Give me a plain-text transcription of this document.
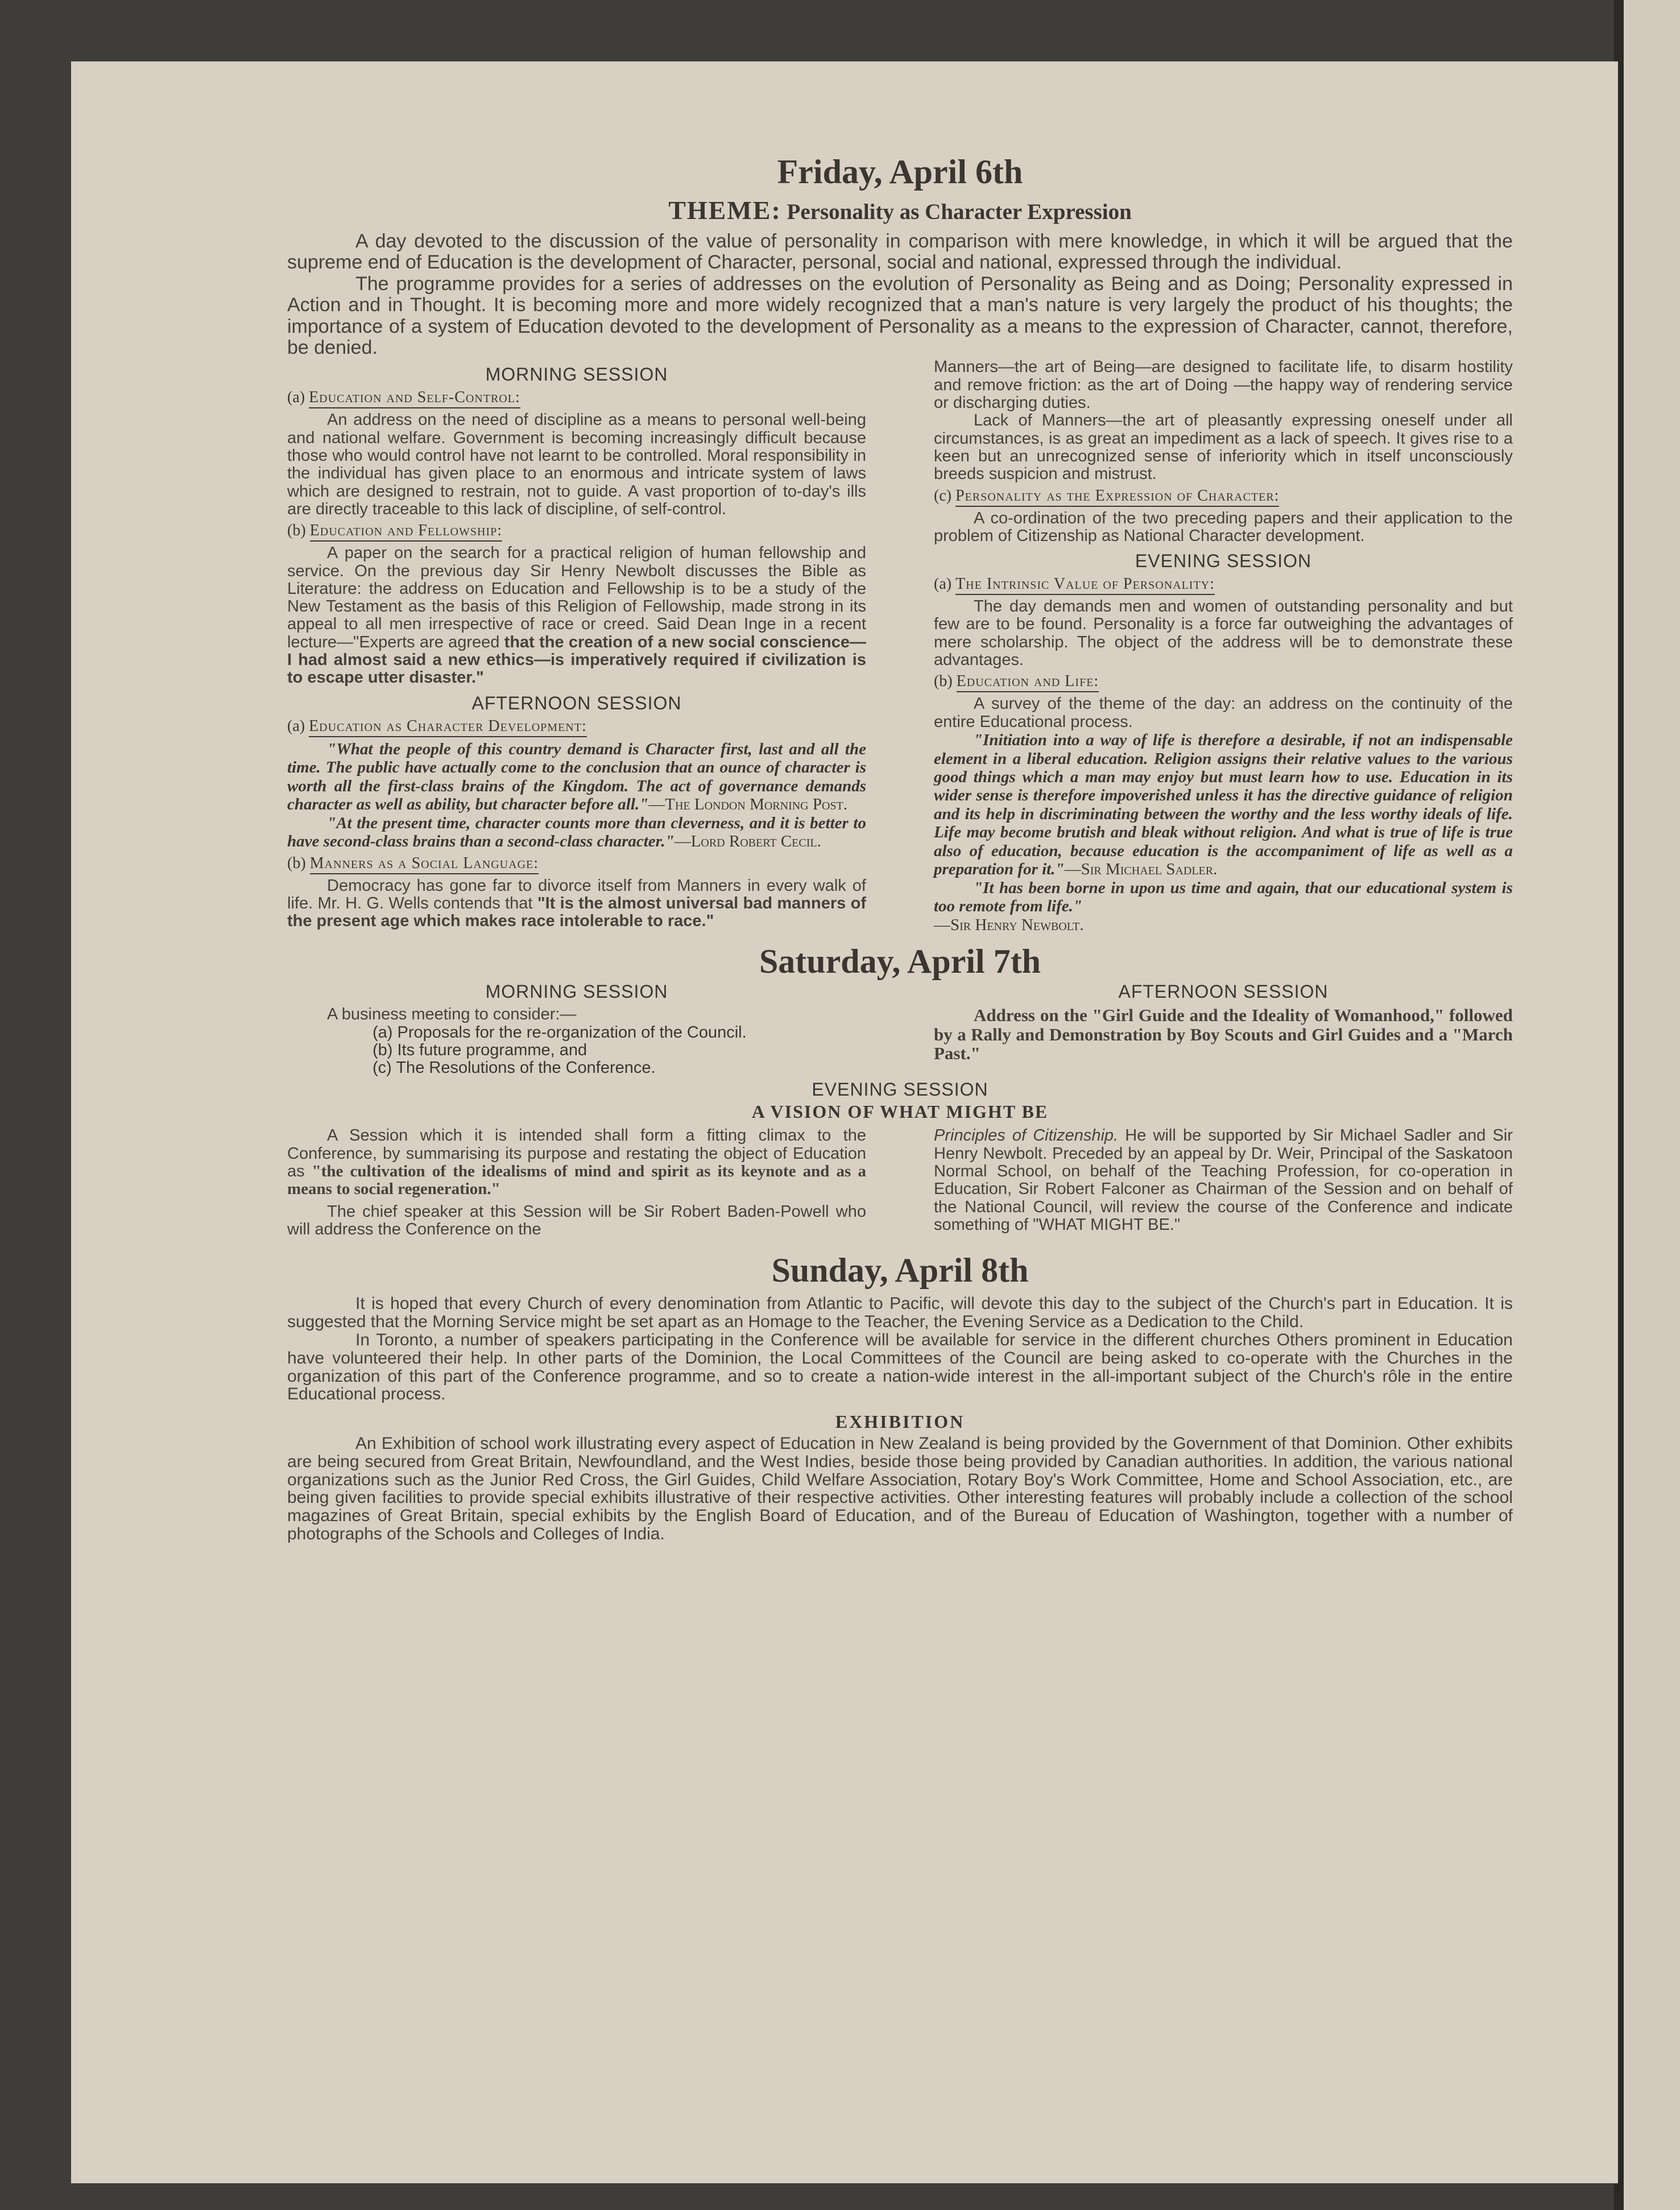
Friday, April 6th
THEME: Personality as Character Expression

A day devoted to the discussion of the value of personality in comparison with mere knowledge, in which it will be argued that the supreme end of Education is the development of Character, personal, social and national, expressed through the individual.

The programme provides for a series of addresses on the evolution of Personality as Being and as Doing; Personality expressed in Action and in Thought. It is becoming more and more widely recognized that a man's nature is very largely the product of his thoughts; the importance of a system of Education devoted to the development of Personality as a means to the expression of Character, cannot, therefore, be denied.

MORNING SESSION
(a) Education and Self-Control:

An address on the need of discipline as a means to personal well-being and national welfare. Government is becoming increasingly difficult because those who would control have not learnt to be controlled. Moral responsibility in the individual has given place to an enormous and intricate system of laws which are designed to restrain, not to guide. A vast proportion of to-day's ills are directly traceable to this lack of discipline, of self-control.

(b) Education and Fellowship:

A paper on the search for a practical religion of human fellowship and service. On the previous day Sir Henry Newbolt discusses the Bible as Literature: the address on Education and Fellowship is to be a study of the New Testament as the basis of this Religion of Fellowship, made strong in its appeal to all men irrespective of race or creed. Said Dean Inge in a recent lecture—"Experts are agreed that the creation of a new social conscience—I had almost said a new ethics—is imperatively required if civilization is to escape utter disaster."

AFTERNOON SESSION
(a) Education as Character Development:

"What the people of this country demand is Character first, last and all the time. The public have actually come to the conclusion that an ounce of character is worth all the first-class brains of the Kingdom. The act of governance demands character as well as ability, but character before all."—The London Morning Post.

"At the present time, character counts more than cleverness, and it is better to have second-class brains than a second-class character."—Lord Robert Cecil.

(b) Manners as a Social Language:

Democracy has gone far to divorce itself from Manners in every walk of life. Mr. H. G. Wells contends that "It is the almost universal bad manners of the present age which makes race intolerable to race."

Manners—the art of Being—are designed to facilitate life, to disarm hostility and remove friction: as the art of Doing —the happy way of rendering service or discharging duties.

Lack of Manners—the art of pleasantly expressing oneself under all circumstances, is as great an impediment as a lack of speech. It gives rise to a keen but an unrecognized sense of inferiority which in itself unconsciously breeds suspicion and mistrust.

(c) Personality as the Expression of Character:

A co-ordination of the two preceding papers and their application to the problem of Citizenship as National Character development.

EVENING SESSION
(a) The Intrinsic Value of Personality:

The day demands men and women of outstanding personality and but few are to be found. Personality is a force far outweighing the advantages of mere scholarship. The object of the address will be to demonstrate these advantages.

(b) Education and Life:

A survey of the theme of the day: an address on the continuity of the entire Educational process.

"Initiation into a way of life is therefore a desirable, if not an indispensable element in a liberal education. Religion assigns their relative values to the various good things which a man may enjoy but must learn how to use. Education in its wider sense is therefore impoverished unless it has the directive guidance of religion and its help in discriminating between the worthy and the less worthy ideals of life. Life may become brutish and bleak without religion. And what is true of life is true also of education, because education is the accompaniment of life as well as a preparation for it."—Sir Michael Sadler.

"It has been borne in upon us time and again, that our educational system is too remote from life."
—Sir Henry Newbolt.

Saturday, April 7th
MORNING SESSION

A business meeting to consider:—

(a) Proposals for the re-organization of the Council.
(b) Its future programme, and
(c) The Resolutions of the Conference.
AFTERNOON SESSION

Address on the "Girl Guide and the Ideality of Womanhood," followed by a Rally and Demonstration by Boy Scouts and Girl Guides and a "March Past."

EVENING SESSION
A VISION OF WHAT MIGHT BE

A Session which it is intended shall form a fitting climax to the Conference, by summarising its purpose and restating the object of Education as "the cultivation of the idealisms of mind and spirit as its keynote and as a means to social regeneration."

The chief speaker at this Session will be Sir Robert Baden-Powell who will address the Conference on the

Principles of Citizenship. He will be supported by Sir Michael Sadler and Sir Henry Newbolt. Preceded by an appeal by Dr. Weir, Principal of the Saskatoon Normal School, on behalf of the Teaching Profession, for co-operation in Education, Sir Robert Falconer as Chairman of the Session and on behalf of the National Council, will review the course of the Conference and indicate something of "WHAT MIGHT BE."

Sunday, April 8th

It is hoped that every Church of every denomination from Atlantic to Pacific, will devote this day to the subject of the Church's part in Education. It is suggested that the Morning Service might be set apart as an Homage to the Teacher, the Evening Service as a Dedication to the Child.

In Toronto, a number of speakers participating in the Conference will be available for service in the different churches Others prominent in Education have volunteered their help. In other parts of the Dominion, the Local Committees of the Council are being asked to co-operate with the Churches in the organization of this part of the Conference programme, and so to create a nation-wide interest in the all-important subject of the Church's rôle in the entire Educational process.

EXHIBITION

An Exhibition of school work illustrating every aspect of Education in New Zealand is being provided by the Government of that Dominion. Other exhibits are being secured from Great Britain, Newfoundland, and the West Indies, beside those being provided by Canadian authorities. In addition, the various national organizations such as the Junior Red Cross, the Girl Guides, Child Welfare Association, Rotary Boy's Work Committee, Home and School Association, etc., are being given facilities to provide special exhibits illustrative of their respective activities. Other interesting features will probably include a collection of the school magazines of Great Britain, special exhibits by the English Board of Education, and of the Bureau of Education of Washington, together with a number of photographs of the Schools and Colleges of India.
